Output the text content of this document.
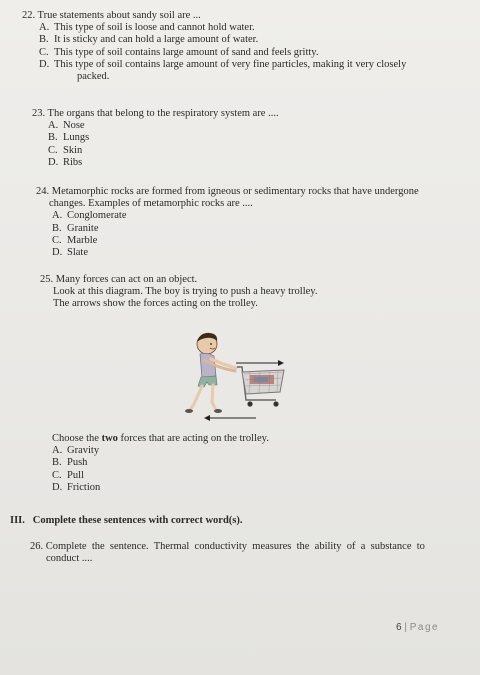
22. True statements about sandy soil are ...
A. This type of soil is loose and cannot hold water.
B. It is sticky and can hold a large amount of water.
C. This type of soil contains large amount of sand and feels gritty.
D. This type of soil contains large amount of very fine particles, making it very closely
packed.
23. The organs that belong to the respiratory system are ....
A. Nose
B. Lungs
C. Skin
D. Ribs
24. Metamorphic rocks are formed from igneous or sedimentary rocks that have undergone
changes. Examples of metamorphic rocks are ....
A. Conglomerate
B. Granite
C. Marble
D. Slate
25. Many forces can act on an object.
Look at this diagram. The boy is trying to push a heavy trolley.
The arrows show the forces acting on the trolley.
Choose the two forces that are acting on the trolley.
A. Gravity
B. Push
C. Pull
D. Friction
III.   Complete these sentences with correct word(s).
26. Complete  the  sentence.  Thermal  conductivity  measures  the  ability  of  a  substance  to
conduct ....
6 | Page
